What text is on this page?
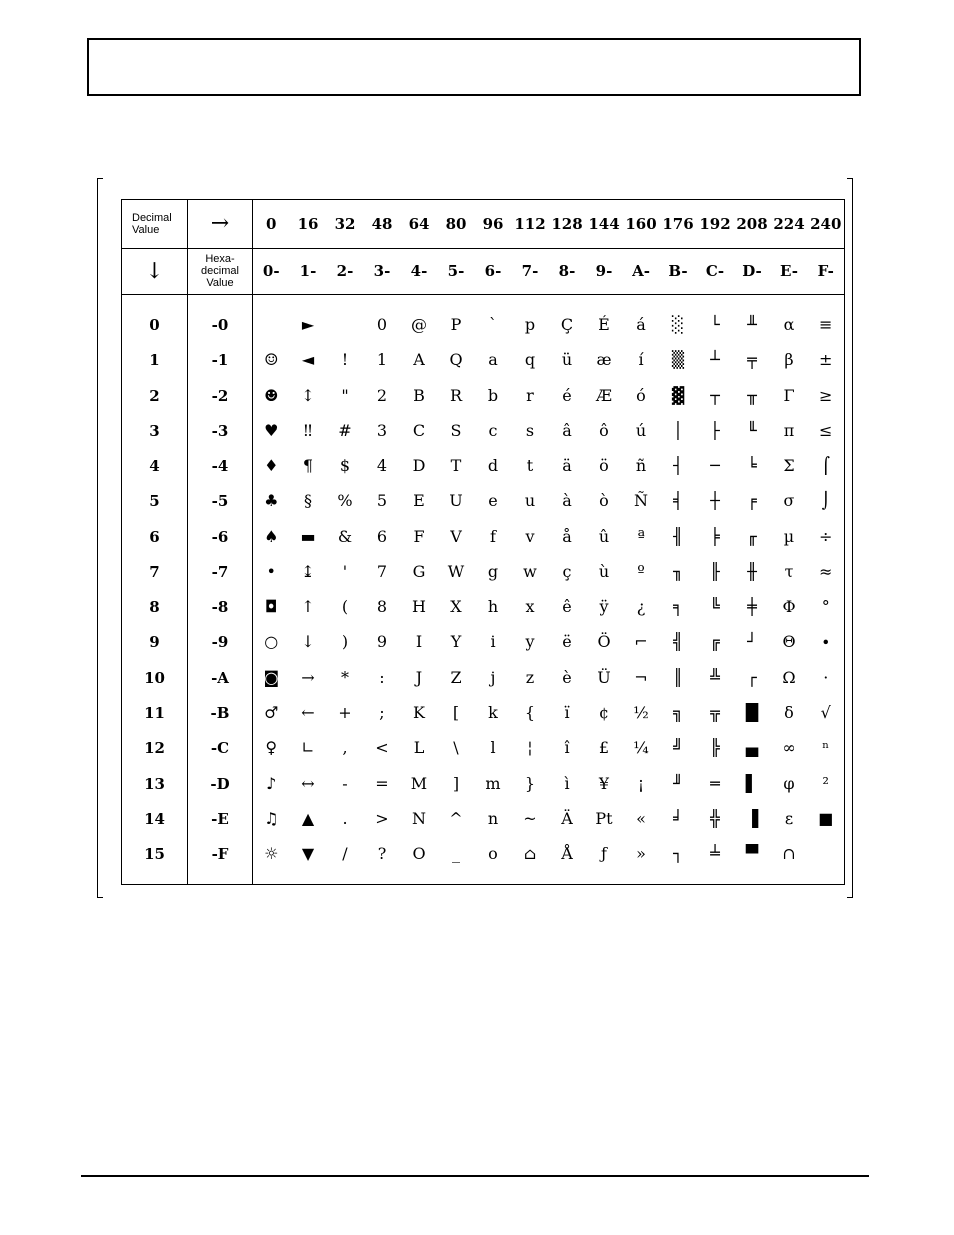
Decimal Value	→	0	16	32	48	64	80	96	112	128	144	160	176	192	208	224	240
↓	Hexa-decimal Value	0-	1-	2-	3-	4-	5-	6-	7-	8-	9-	A-	B-	C-	D-	E-	F-

0	-0		►		0	@	P	`	p	Ç	É	á	░	└	╨	α	≡
1	-1	☺	◄	!	1	A	Q	a	q	ü	æ	í	▒	┴	╤	β	±
2	-2	☻	↕	"	2	B	R	b	r	é	Æ	ó	▓	┬	╥	Γ	≥
3	-3	♥	‼	#	3	C	S	c	s	â	ô	ú	│	├	╙	π	≤
4	-4	♦	¶	$	4	D	T	d	t	ä	ö	ñ	┤	─	╘	Σ	⌠
5	-5	♣	§	%	5	E	U	e	u	à	ò	Ñ	╡	┼	╒	σ	⌡
6	-6	♠	▬	&	6	F	V	f	v	å	û	ª	╢	╞	╓	µ	÷
7	-7	•	↨	'	7	G	W	g	w	ç	ù	º	╖	╟	╫	τ	≈
8	-8	◘	↑	(	8	H	X	h	x	ê	ÿ	¿	╕	╚	╪	Φ	°
9	-9	○	↓	)	9	I	Y	i	y	ë	Ö	⌐	╣	╔	┘	Θ	∙
10	-A	◙	→	*	:	J	Z	j	z	è	Ü	¬	║	╩	┌	Ω	·
11	-B	♂	←	+	;	K	[	k	{	ï	¢	½	╗	╦	█	δ	√
12	-C	♀	∟	,	<	L	\	l	¦	î	£	¼	╝	╠	▄	∞	ⁿ
13	-D	♪	↔	-	=	M	]	m	}	ì	¥	¡	╜	═	▌	φ	²
14	-E	♫	▲	.	>	N	^	n	~	Ä	Pt	«	╛	╬	▐	ε	■
15	-F	☼	▼	/	?	O	_	o	⌂	Å	ƒ	»	┐	╧	▀	∩	
